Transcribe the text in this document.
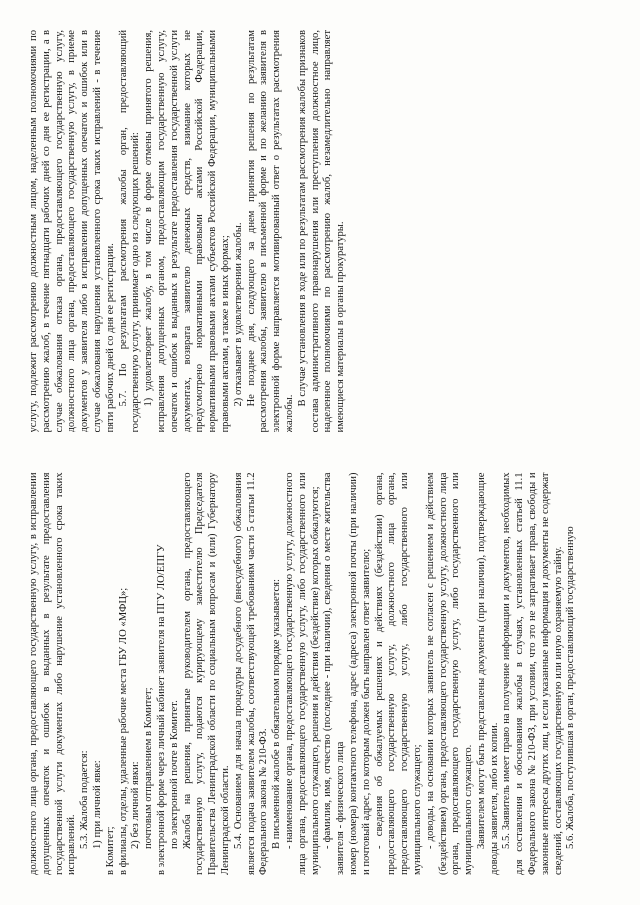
должностного лица органа, предоставляющего государственную услугу, в исправлении допущенных опечаток и ошибок в выданных в результате предоставления государственной услуги документах либо нарушение установленного срока таких исправлений. 5.3. Жалоба подается: 1) при личной явке:

в Комитет; в филиалы, отделы, удаленные рабочие места ГБУ ЛО «МФЦ»; 2) без личной явки: почтовым отправлением в Комитет; в электронной форме через личный кабинет заявителя на ПГУ ЛО/ЕПГУ по электронной почте в Комитет. Жалоба на решения, принятые руководителем органа, предоставляющего государственную услугу, подаются курирующему заместителю Председателя Правительства Ленинградской области по социальным вопросам и (или) Губернатору Ленинградской области. 5.4. Основанием для начала процедуры досудебного (внесудебного) обжалования является подача заявителем жалобы, соответствующей требованиям части 5 статьи 11.2 Федерального закона № 210-ФЗ. В письменной жалобе в обязательном порядке указывается: - наименование органа, предоставляющего государственную услугу, должностного лица органа, предоставляющего государственную услугу, либо государственного или муниципального служащего, решения и действия (бездействие) которых обжалуются; - фамилия, имя, отчество (последнее - при наличии), сведения о месте жительства заявителя - физического лица номер (номера) контактного телефона, адрес (адреса) электронной почты (при наличии) и почтовый адрес, по которым должен быть направлен ответ заявителю; - сведения об обжалуемых решениях и действиях (бездействии) органа, предоставляющего государственную услугу, должностного лица органа, предоставляющего государственную услугу, либо государственного или муниципального служащего; - доводы, на основании которых заявитель не согласен с решением и действием (бездействием) органа, предоставляющего государственную услугу, должностного лица органа, предоставляющего государственную услугу, либо государственного или муниципального служащего. Заявителем могут быть представлены документы (при наличии), подтверждающие доводы заявителя, либо их копии. 5.5. Заявитель имеет право на получение информации и документов, необходимых для составления и обоснования жалобы в случаях, установленных статьей 11.1 Федерального закона № 210-ФЗ, при условии, что это не затрагивает права, свободы и законные интересы других лиц, и если указанные информация и документы не содержат сведений, составляющих государственную или иную охраняемую тайну. 5.6. Жалоба, поступившая в орган, предоставляющий государственную

услугу, подлежит рассмотрению должностным лицом, наделенным полномочиями по рассмотрению жалоб, в течение пятнадцати рабочих дней со дня ее регистрации, а в случае обжалования отказа органа, предоставляющего государственную услугу, должностного лица органа, предоставляющего государственную услугу, в приеме документов у заявителя либо в исправлении допущенных опечаток и ошибок или в случае обжалования нарушения установленного срока таких исправлений - в течение пяти рабочих дней со дня ее регистрации. 5.7. По результатам рассмотрения жалобы орган, предоставляющий государственную услугу, принимает одно из следующих решений: 1) удовлетворяет жалобу, в том числе в форме отмены принятого решения, исправления допущенных органом, предоставляющим государственную услугу, опечаток и ошибок в выданных в результате предоставления государственной услуги документах, возврата заявителю денежных средств, взимание которых не предусмотрено нормативными правовыми актами Российской Федерации, нормативными правовыми актами субъектов Российской Федерации, муниципальными правовыми актами, а также в иных формах; 2) отказывает в удовлетворении жалобы. Не позднее дня, следующего за днем принятия решения по результатам рассмотрения жалобы, заявителю в письменной форме и по желанию заявителя в электронной форме направляется мотивированный ответ о результатах рассмотрения жалобы.

В случае установления в ходе или по результатам рассмотрения жалобы признаков состава административного правонарушения или преступления должностное лицо, наделенное полномочиями по рассмотрению жалоб, незамедлительно направляет имеющиеся материалы в органы прокуратуры.
